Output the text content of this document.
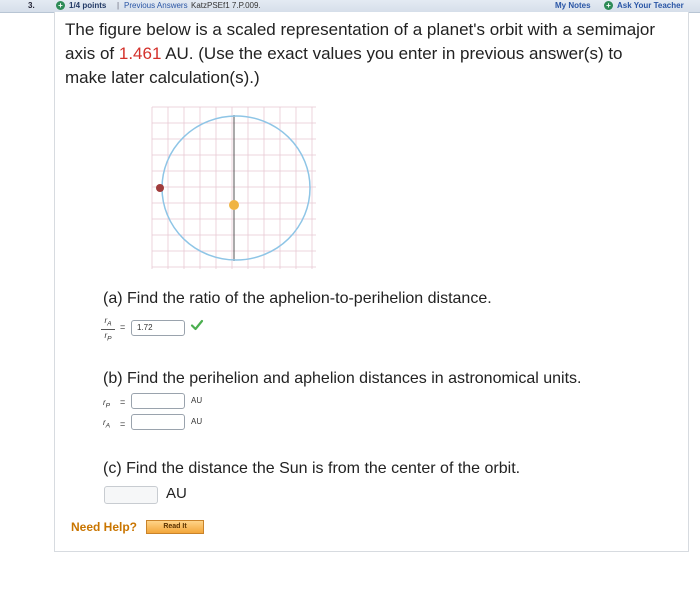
3.	+ 1/4 points | Previous Answers KatzPSEf1 7.P.009.	My Notes + Ask Your Teacher
The figure below is a scaled representation of a planet's orbit with a semimajor axis of 1.461 AU. (Use the exact values you enter in previous answer(s) to make later calculation(s).)
(a) Find the ratio of the aphelion-to-perihelion distance.
$r_A$
$r_P$
=	1.72
(b) Find the perihelion and aphelion distances in astronomical units.
$r_P$ =	AU
$r_A$ =	AU
(c) Find the distance the Sun is from the center of the orbit.
AU
Need Help?	Read It
